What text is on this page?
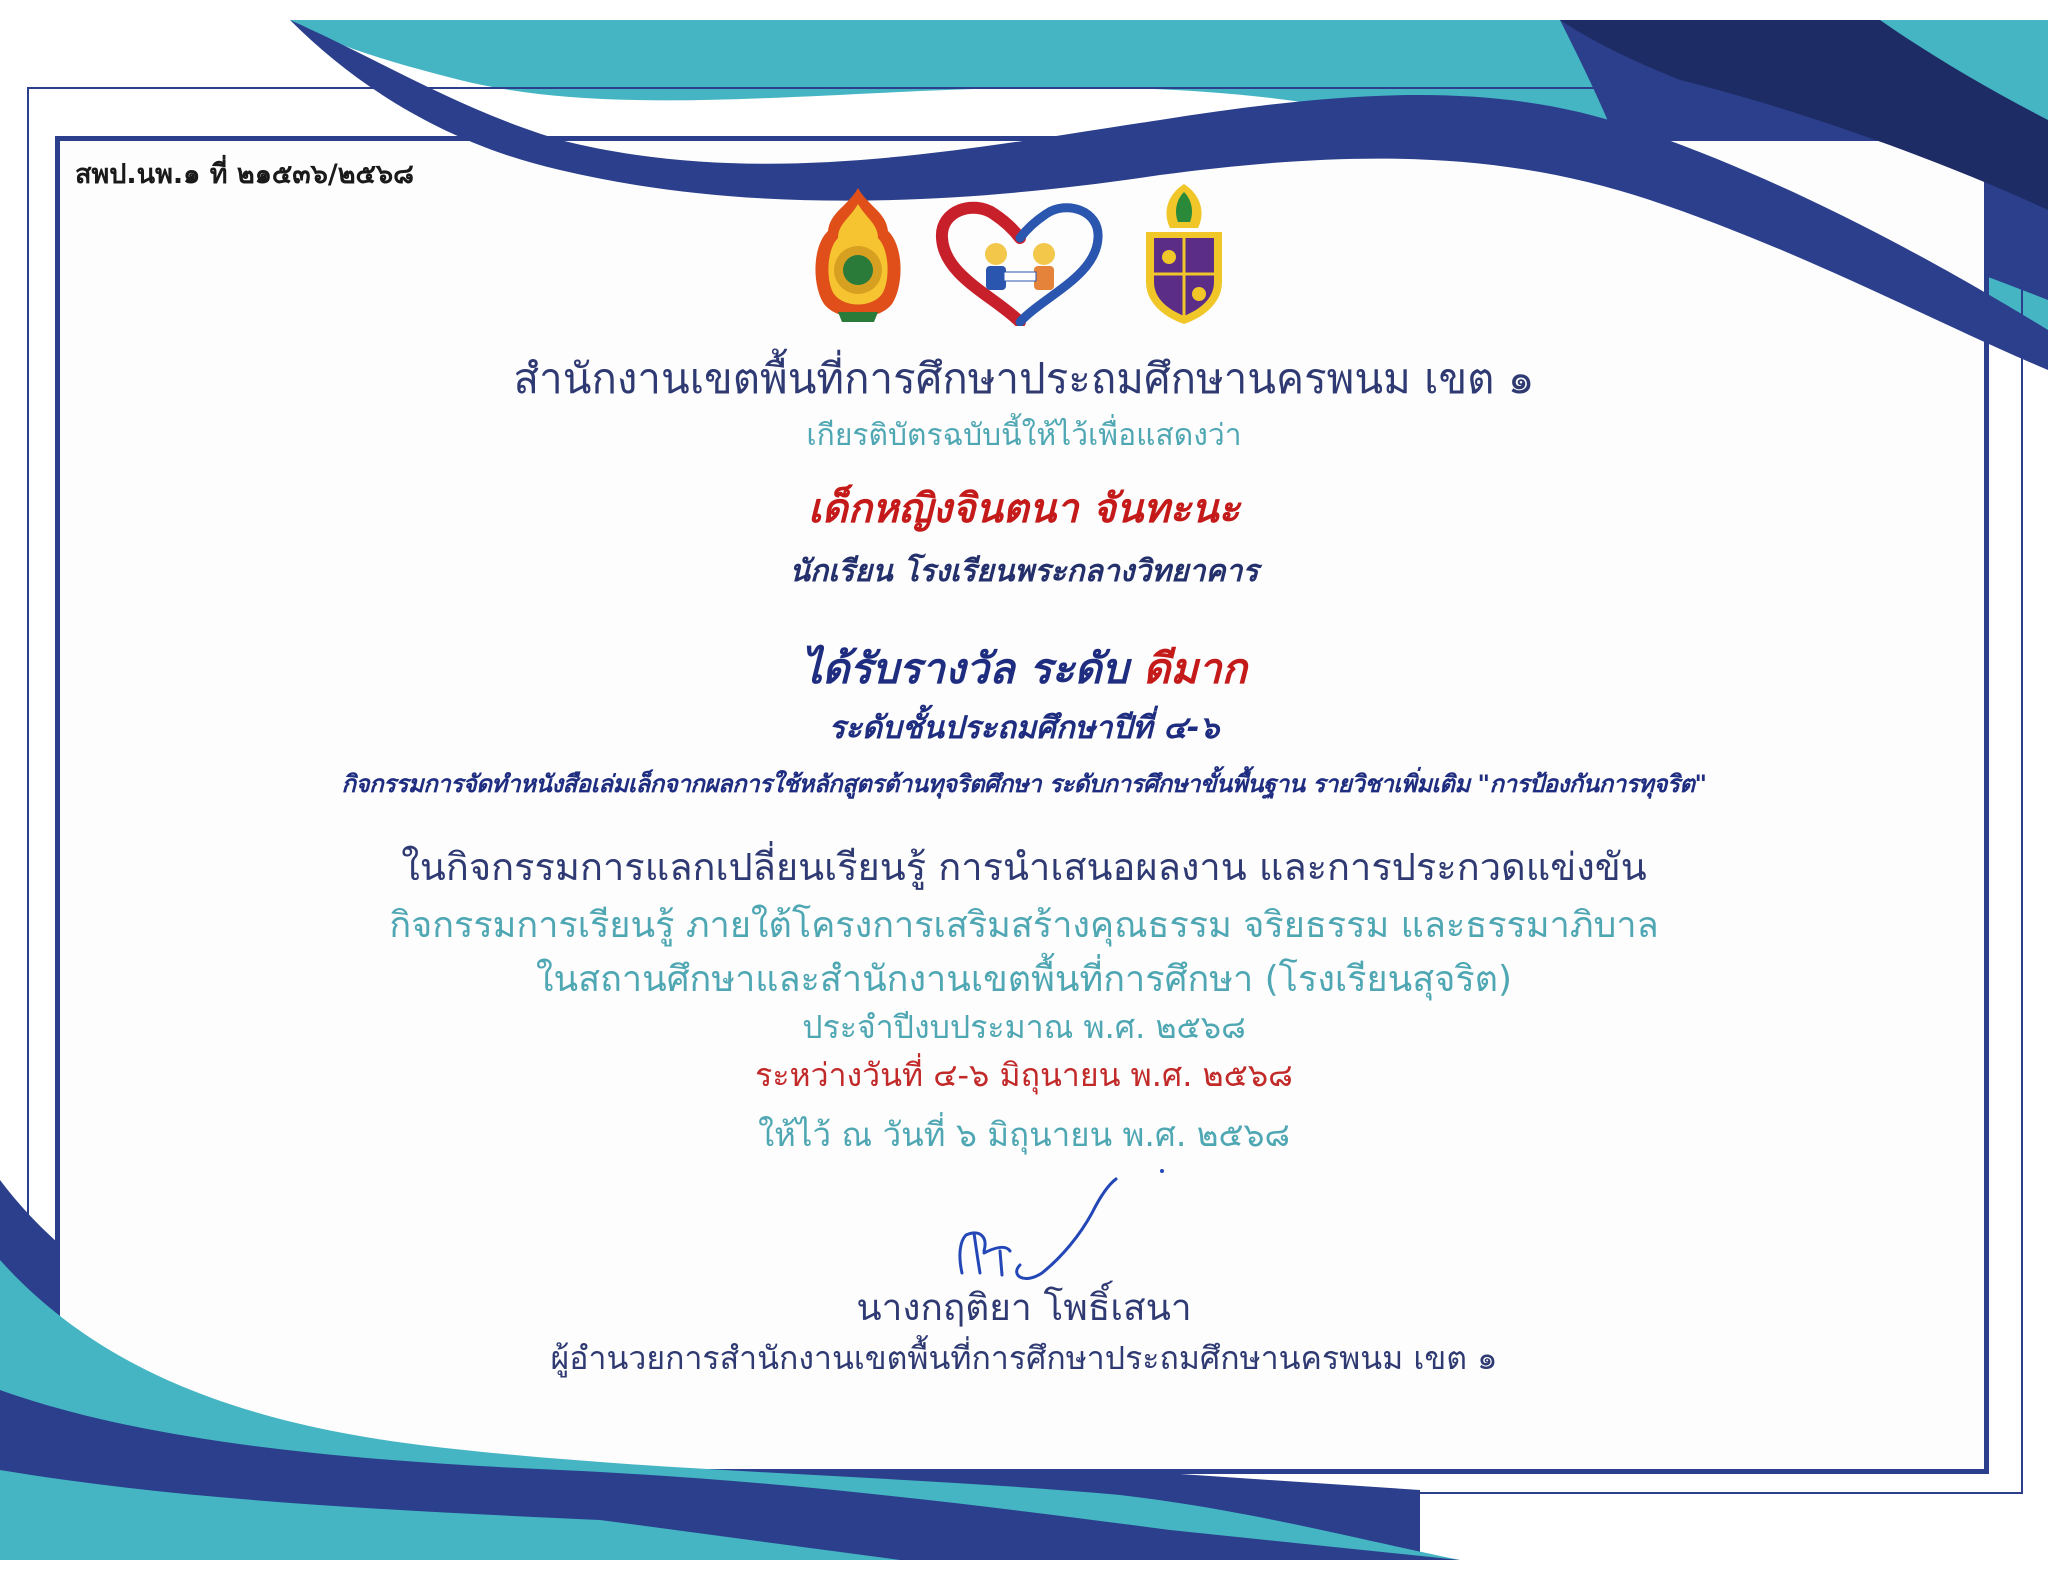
สพป.นพ.๑ ที่ ๒๑๕๓๖/๒๕๖๘
สำนักงานเขตพื้นที่การศึกษาประถมศึกษานครพนม เขต ๑
เกียรติบัตรฉบับนี้ให้ไว้เพื่อแสดงว่า
เด็กหญิงจินตนา จันทะนะ
นักเรียน โรงเรียนพระกลางวิทยาคาร
ได้รับรางวัล ระดับ ดีมาก
ระดับชั้นประถมศึกษาปีที่ ๔-๖
กิจกรรมการจัดทำหนังสือเล่มเล็กจากผลการใช้หลักสูตรต้านทุจริตศึกษา ระดับการศึกษาขั้นพื้นฐาน รายวิชาเพิ่มเติม "การป้องกันการทุจริต"
ในกิจกรรมการแลกเปลี่ยนเรียนรู้ การนำเสนอผลงาน และการประกวดแข่งขัน
กิจกรรมการเรียนรู้ ภายใต้โครงการเสริมสร้างคุณธรรม จริยธรรม และธรรมาภิบาล
ในสถานศึกษาและสำนักงานเขตพื้นที่การศึกษา (โรงเรียนสุจริต)
ประจำปีงบประมาณ พ.ศ. ๒๕๖๘
ระหว่างวันที่ ๔-๖ มิถุนายน พ.ศ. ๒๕๖๘
ให้ไว้ ณ วันที่ ๖ มิถุนายน พ.ศ. ๒๕๖๘
นางกฤติยา โพธิ์เสนา
ผู้อำนวยการสำนักงานเขตพื้นที่การศึกษาประถมศึกษานครพนม เขต ๑
